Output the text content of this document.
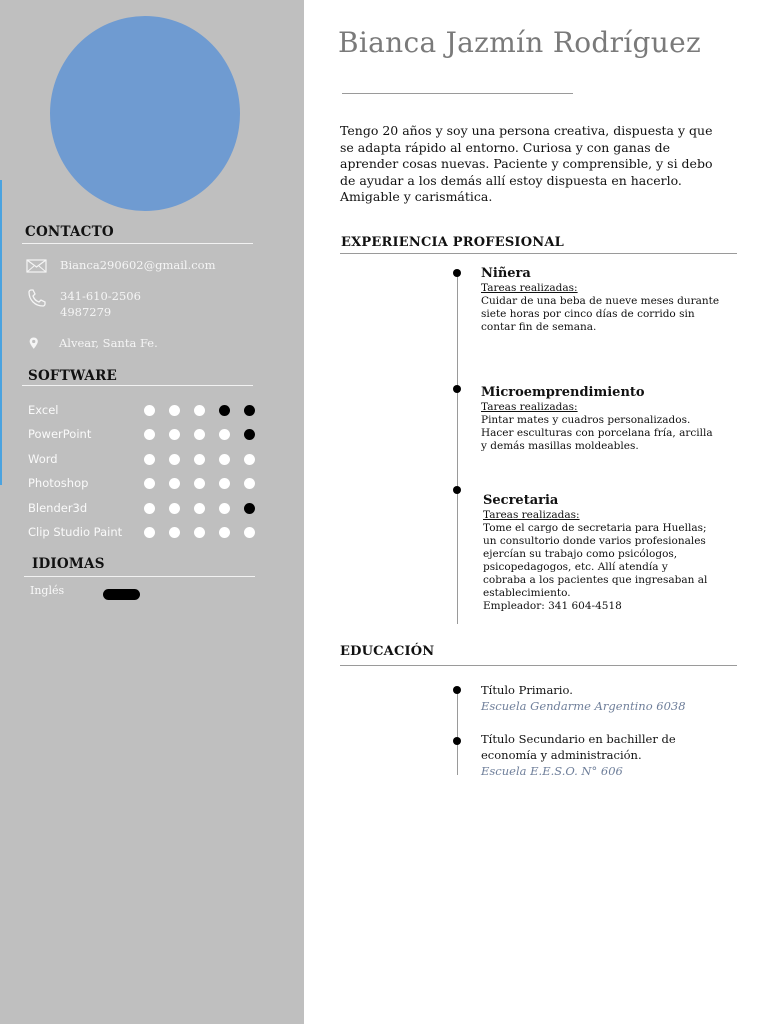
CONTACTO
Bianca290602@gmail.com
341-610-2506
4987279
Alvear, Santa Fe.
SOFTWARE
Excel
PowerPoint
Word
Photoshop
Blender3d
Clip Studio Paint
IDIOMAS
Inglés
Bianca Jazmín Rodríguez
Tengo 20 años y soy una persona creativa, dispuesta y que se adapta rápido al entorno. Curiosa y con ganas de aprender cosas nuevas. Paciente y comprensible, y si debo de ayudar a los demás allí estoy dispuesta en hacerlo. Amigable y carismática.
EXPERIENCIA PROFESIONAL
Niñera
Tareas realizadas:
Cuidar de una beba de nueve meses durante siete horas por cinco días de corrido sin contar fin de semana.
Microemprendimiento
Tareas realizadas:
Pintar mates y cuadros personalizados. Hacer esculturas con porcelana fría, arcilla y demás masillas moldeables.
Secretaria
Tareas realizadas:
Tome el cargo de secretaria para Huellas; un consultorio donde varios profesionales ejercían su trabajo como psicólogos, psicopedagogos, etc. Allí atendía y cobraba a los pacientes que ingresaban al establecimiento.
Empleador: 341 604-4518
EDUCACIÓN
Título Primario.
Escuela Gendarme Argentino 6038
Título Secundario en bachiller de economía y administración.
Escuela E.E.S.O. N° 606
